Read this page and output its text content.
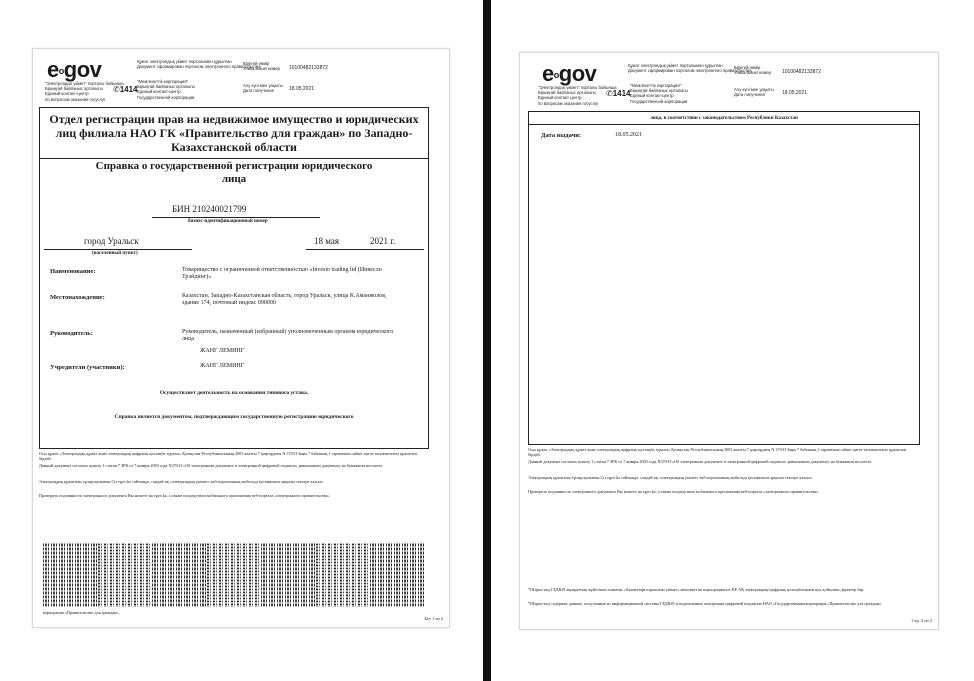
eogov	Құжат электрондық үкімет порталымен құрылған
Документ сформирован порталом электронного правительства
"Электрондық үкімет" порталы бойынша
Бірыңғай байланыс орталығы
Единый контакт-центр
по вопросам оказания госуслуг
✆1414
"Мемлекеттік корпорация"
Бірыңғай байланыс орталығы
Единый контакт-центр
Государственной корпорации
Бірегей нөмір
Уникальный номер 10100482133872
Алу күні мен уақыты
Дата получения	18.05.2021
Отдел регистрации прав на недвижимое имущество и юридических лиц филиала НАО ГК «Правительство для граждан» по Западно-Казахстанской области
Справка о государственной регистрации юридического лица
БИН 210240021799
бизнес-идентификационный номер
город Уральск	18 мая	2021 г.
(населенный пункт)
Наименование:	Товарищество с ограниченной ответственностью «Invesio trading ltd (Инвесло Трэйдинг)»
Местонахождение:	Казахстан, Западно-Казахстанская область, город Уральск, улица К.Аманжолов, здание 174, почтовый индекс 090000
Руководитель:	Руководитель, назначенный (избранный) уполномоченным органом юридического лица
ЖАНГ ЛЕМИНГ
Учредители (участники):	ЖАНГ ЛЕМИНГ
Осуществляет деятельность на основании типового устава.
Справка является документом, подтверждающим государственную регистрацию юридического
Осы құжат «Электрондық құжат және электрондық цифрлық қолтаңба туралы» Қазақстан Республикасының 2003 жылғы 7 қаңтардағы N 370-II Заңы 7 бабының 1 тармағына сәйкес қағаз тасығыштағы құжатпен бірдей.
Данный документ согласно пункту 1 статьи 7 ЗРК от 7 января 2003 года N370-II «Об электронном документе и электронной цифровой подписи» равнозначен документу на бумажном носителе.
Электрондық құжаттың түпнұсқалығын Сіз egov.kz сайтында, сондай-ақ «электрондық үкімет» веб-порталының мобильді қосымшасы арқылы тексере аласыз.
Проверить подлинность электронного документа Вы можете на egov.kz, а также посредством мобильного приложения веб-портала «электронного правительства».
корпорация «Правительство для граждан».
Бет 1 из 2
eogov	Құжат электрондық үкімет порталымен құрылған
Документ сформирован порталом электронного правительства
"Электрондық үкімет" порталы бойынша
Бірыңғай байланыс орталығы
Единый контакт-центр
по вопросам оказания госуслуг
✆1414
"Мемлекеттік корпорация"
Бірыңғай байланыс орталығы
Единый контакт-центр
Государственной корпорации
Бірегей нөмір
Уникальный номер 10100482133872
Алу күні мен уақыты
Дата получения	18.05.2021
лица, в соответствии с законодательством Республики Казахстан
Дата выдачи:	18.05.2021
Осы құжат «Электрондық құжат және электрондық цифрлық қолтаңба туралы» Қазақстан Республикасының 2003 жылғы 7 қаңтардағы N 370-II Заңы 7 бабының 1 тармағына сәйкес қағаз тасығыштағы құжатпен бірдей.
Данный документ согласно пункту 1 статьи 7 ЗРК от 7 января 2003 года N370-II «Об электронном документе и электронной цифровой подписи» равнозначен документу на бумажном носителе.
Электрондық құжаттың түпнұсқалығын Сіз egov.kz сайтында, сондай-ақ «электрондық үкімет» веб-порталының мобильді қосымшасы арқылы тексере аласыз.
Проверить подлинность электронного документа Вы можете на egov.kz, а также посредством мобильного приложения веб-портала «электронного правительства».
*Штрих-код ГБДЮЛ ақпараттық жүйесінен алынған «Азаматтарға арналған үкімет» мемлекеттік корпорациясы» КЕ АҚ электрондық-цифрлық қолтаңбасымен қол қойылған деректер бар.
*Штрих-код содержит данные, полученные из информационной системы ГБДЮЛ и подписанные электронно-цифровой подписью НАО «Государственная корпорация «Правительство для граждан».
Стр. 2 из 2
